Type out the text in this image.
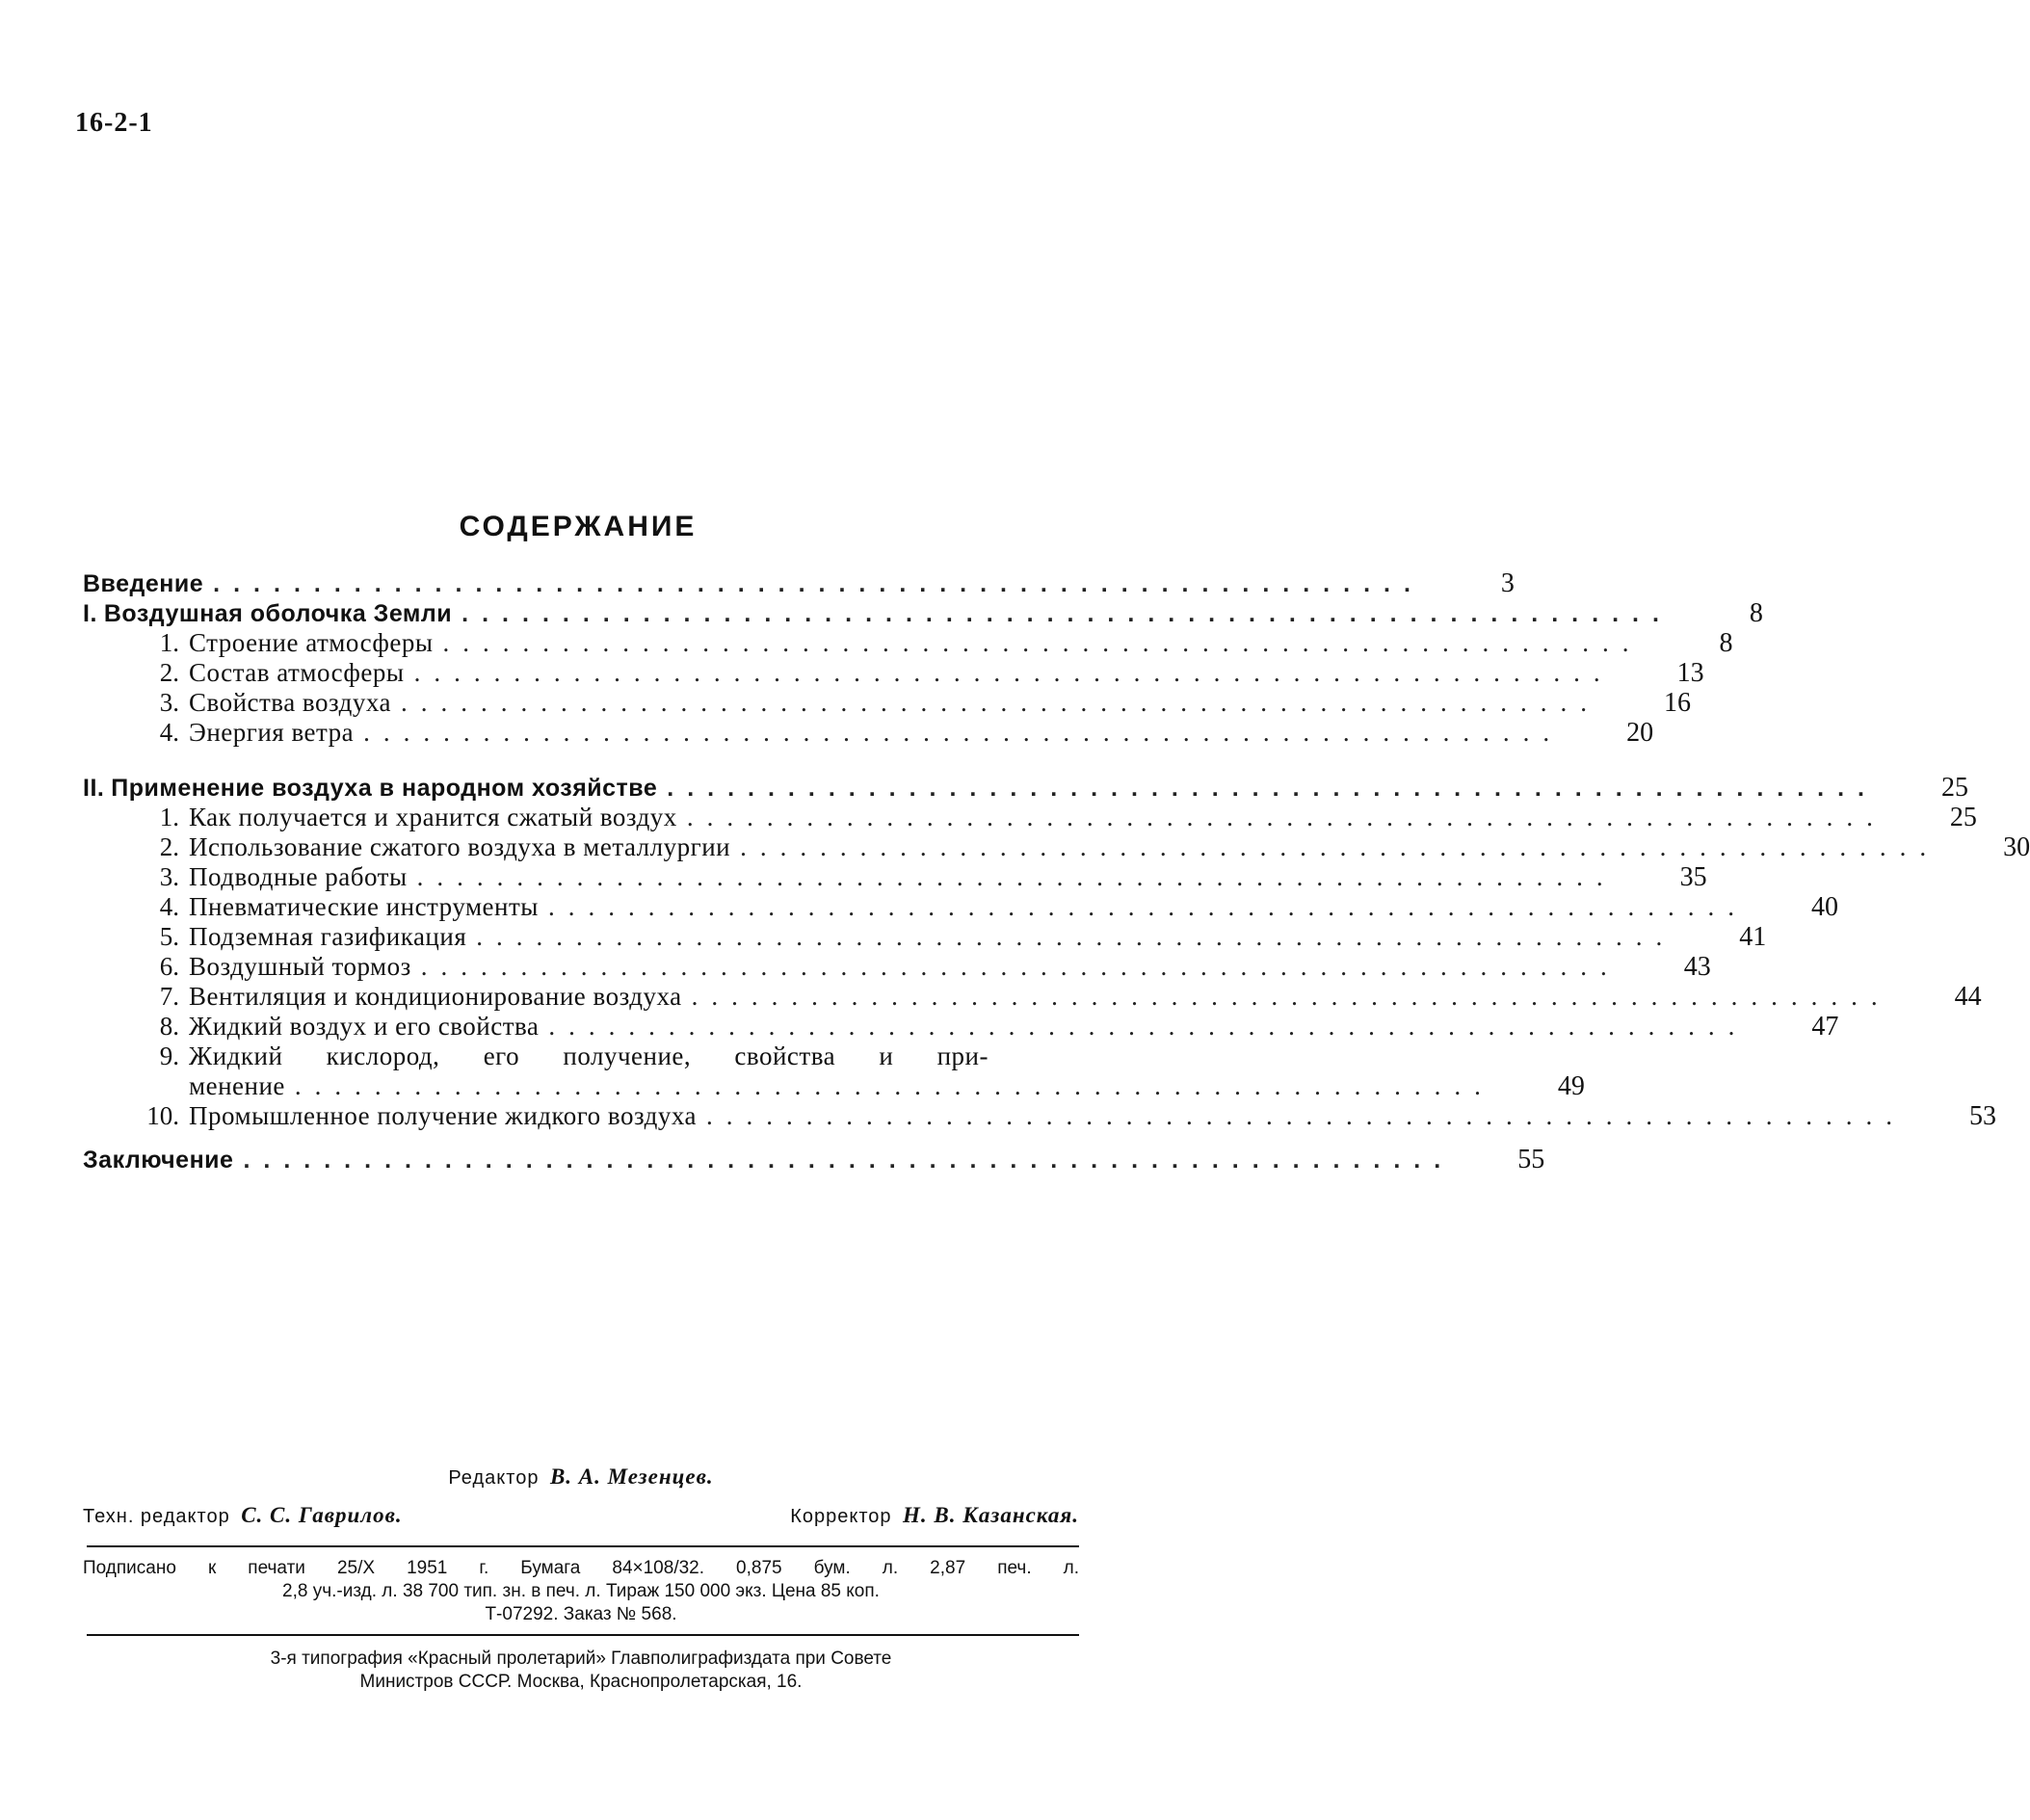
16-2-1
СОДЕРЖАНИЕ
Введение ............................................................	3
I.
Воздушная оболочка Земли ............................................................	8
1. Строение атмосферы ............................................................	8
2. Состав атмосферы ............................................................	13
3. Свойства воздуха ............................................................	16
4. Энергия ветра ............................................................	20
II.
Применение воздуха в народном хозяйстве ............................................................	25
1. Как получается и хранится сжатый воздух ............................................................	25
2. Использование сжатого воздуха в металлургии ............................................................	30
3. Подводные работы ............................................................	35
4. Пневматические инструменты ............................................................	40
5. Подземная газификация ............................................................	41
6. Воздушный тормоз ............................................................	43
7. Вентиляция и кондиционирование воздуха ............................................................	44
8. Жидкий воздух и его свойства ............................................................	47
9. Жидкий кислород, его получение, свойства и при-
менение ............................................................	49
10. Промышленное получение жидкого воздуха ............................................................	53
Заключение ............................................................	55
Редактор В. А. Мезенцев.
Техн. редактор С. С. Гаврилов.	Корректор Н. В. Казанская.

Подписано к печати 25/X 1951 г. Бумага 84×108/32. 0,875 бум. л. 2,87 печ. л.

2,8 уч.-изд. л. 38 700 тип. зн. в печ. л. Тираж 150 000 экз. Цена 85 коп.

Т-07292. Заказ № 568.

3-я типография «Красный пролетарий» Главполиграфиздата при Совете

Министров СССР. Москва, Краснопролетарская, 16.
